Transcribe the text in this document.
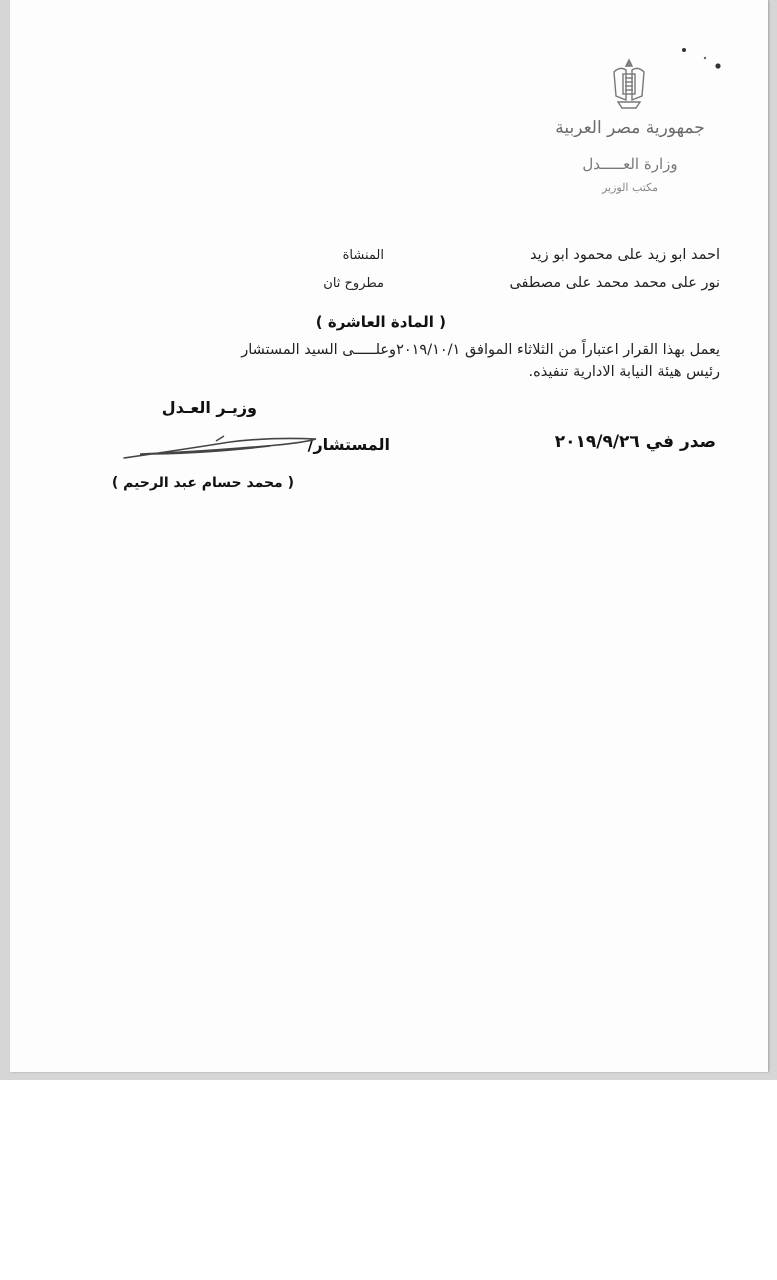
جمهورية مصر العربية
وزارة العـــــدل
مكتب الوزير
احمد ابو زيد على محمود ابو زيد
المنشاة
نور على محمد محمد على مصطفى
مطروح ثان
( المادة العاشرة )
يعمل بهذا القرار اعتباراً من الثلاثاء الموافق ٢٠١٩/١٠/١وعلـــــى السيد المستشار
رئيس هيئة النيابة الادارية تنفيذه.
وزيـر العـدل
صدر في ٢٠١٩/٩/٢٦
المستشار/
( محمد حسام عبد الرحيم )
